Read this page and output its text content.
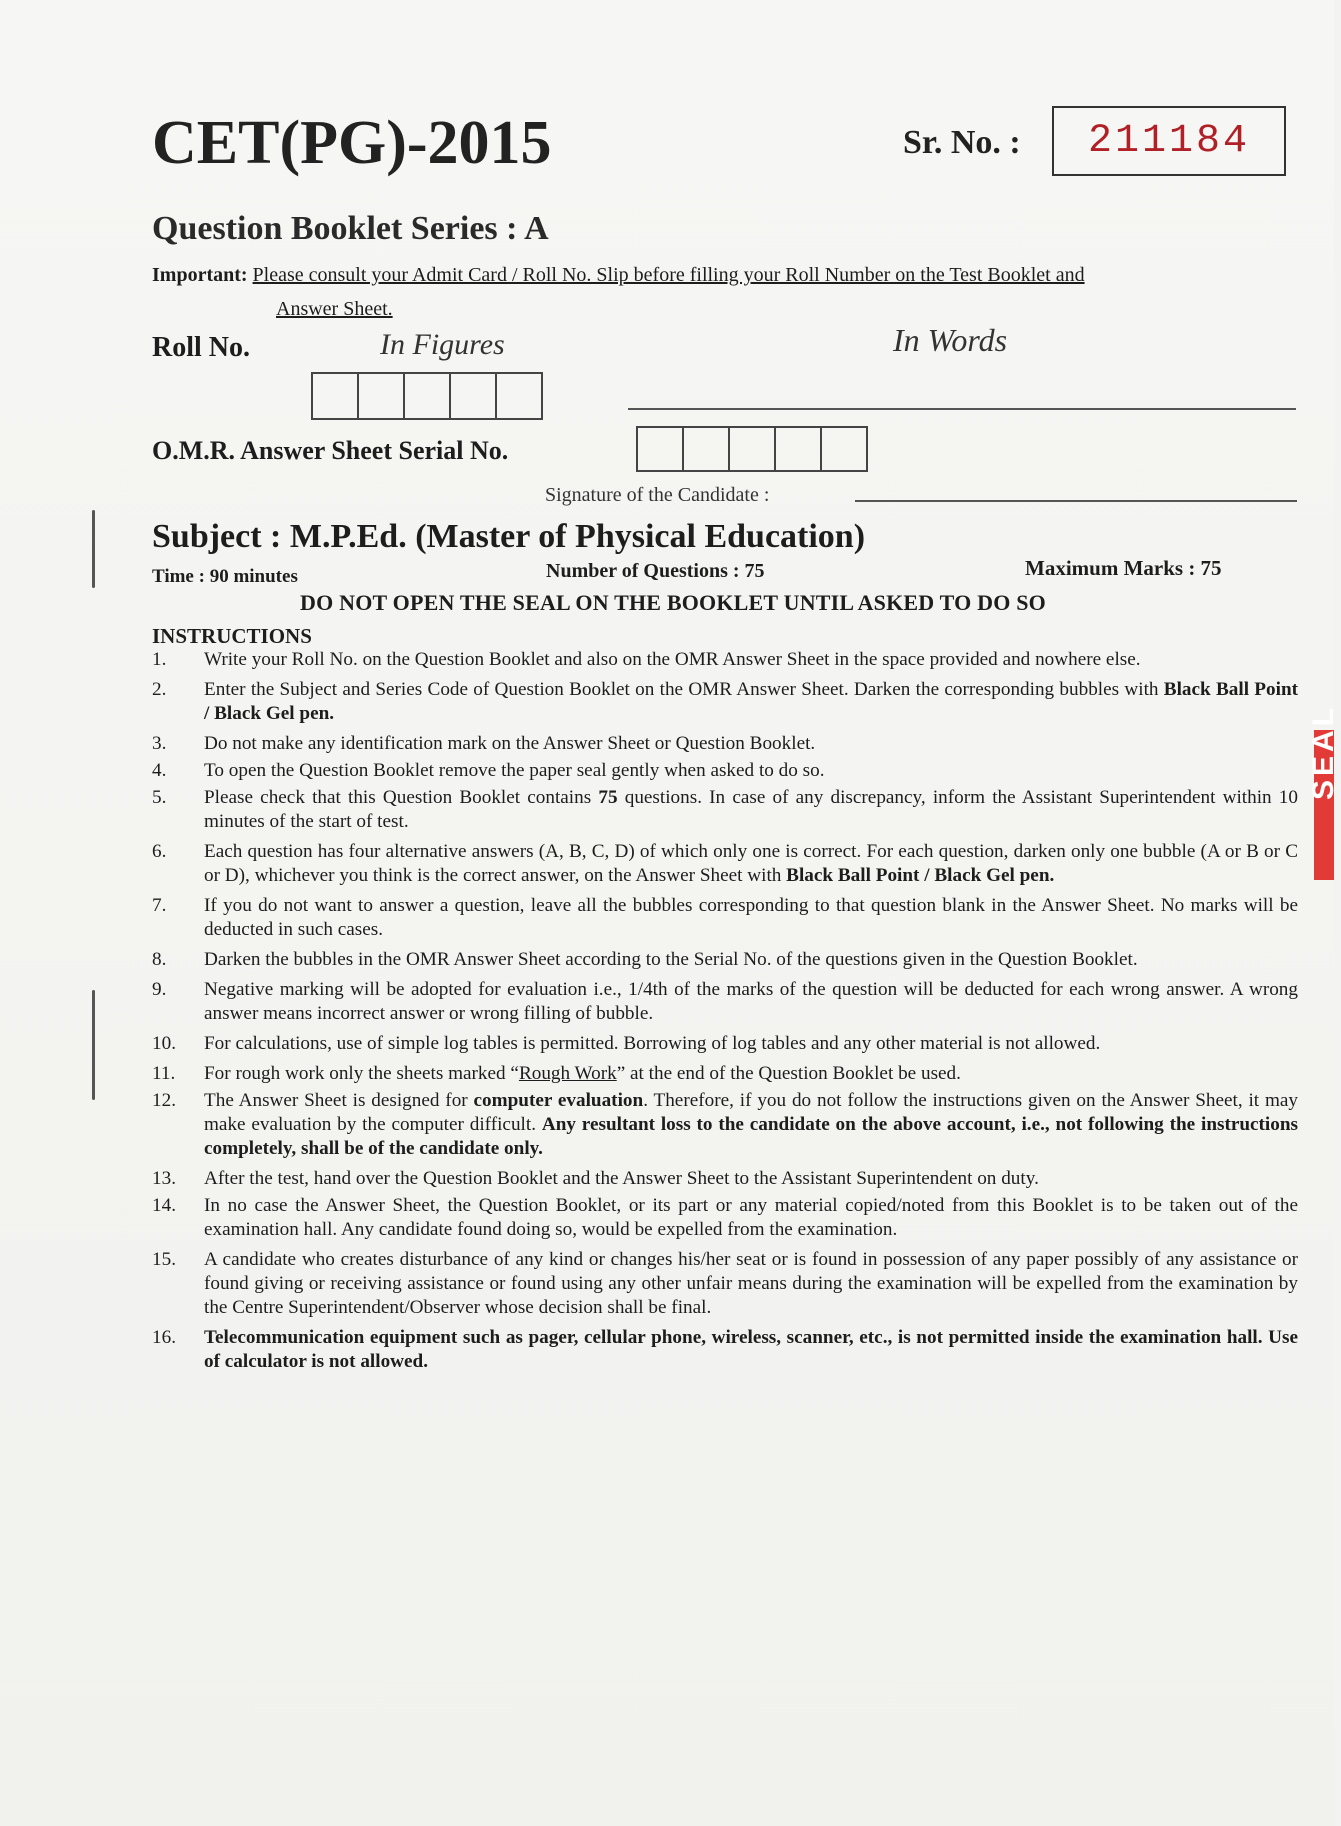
CET(PG)-2015	Sr. No. : 211184
Question Booklet Series : A
Important: Please consult your Admit Card / Roll No. Slip before filling your Roll Number on the Test Booklet and
Answer Sheet.
Roll No.	In Figures	In Words
O.M.R. Answer Sheet Serial No.
Signature of the Candidate :
Subject : M.P.Ed. (Master of Physical Education)
Time : 90 minutes	Number of Questions : 75	Maximum Marks : 75
DO NOT OPEN THE SEAL ON THE BOOKLET UNTIL ASKED TO DO SO
INSTRUCTIONS
1.	Write your Roll No. on the Question Booklet and also on the OMR Answer Sheet in the space provided and nowhere else.
2.	Enter the Subject and Series Code of Question Booklet on the OMR Answer Sheet. Darken the corresponding bubbles with Black Ball Point / Black Gel pen.
3.	Do not make any identification mark on the Answer Sheet or Question Booklet.
4.	To open the Question Booklet remove the paper seal gently when asked to do so.
5.	Please check that this Question Booklet contains 75 questions. In case of any discrepancy, inform the Assistant Superintendent within 10 minutes of the start of test.
6.	Each question has four alternative answers (A, B, C, D) of which only one is correct. For each question, darken only one bubble (A or B or C or D), whichever you think is the correct answer, on the Answer Sheet with Black Ball Point / Black Gel pen.
7.	If you do not want to answer a question, leave all the bubbles corresponding to that question blank in the Answer Sheet. No marks will be deducted in such cases.
8.	Darken the bubbles in the OMR Answer Sheet according to the Serial No. of the questions given in the Question Booklet.
9.	Negative marking will be adopted for evaluation i.e., 1/4th of the marks of the question will be deducted for each wrong answer. A wrong answer means incorrect answer or wrong filling of bubble.
10.	For calculations, use of simple log tables is permitted. Borrowing of log tables and any other material is not allowed.
11.	For rough work only the sheets marked “Rough Work” at the end of the Question Booklet be used.
12.	The Answer Sheet is designed for computer evaluation. Therefore, if you do not follow the instructions given on the Answer Sheet, it may make evaluation by the computer difficult. Any resultant loss to the candidate on the above account, i.e., not following the instructions completely, shall be of the candidate only.
13.	After the test, hand over the Question Booklet and the Answer Sheet to the Assistant Superintendent on duty.
14.	In no case the Answer Sheet, the Question Booklet, or its part or any material copied/noted from this Booklet is to be taken out of the examination hall. Any candidate found doing so, would be expelled from the examination.
15.	A candidate who creates disturbance of any kind or changes his/her seat or is found in possession of any paper possibly of any assistance or found giving or receiving assistance or found using any other unfair means during the examination will be expelled from the examination by the Centre Superintendent/Observer whose decision shall be final.
16.	Telecommunication equipment such as pager, cellular phone, wireless, scanner, etc., is not permitted inside the examination hall. Use of calculator is not allowed.
SEAL
